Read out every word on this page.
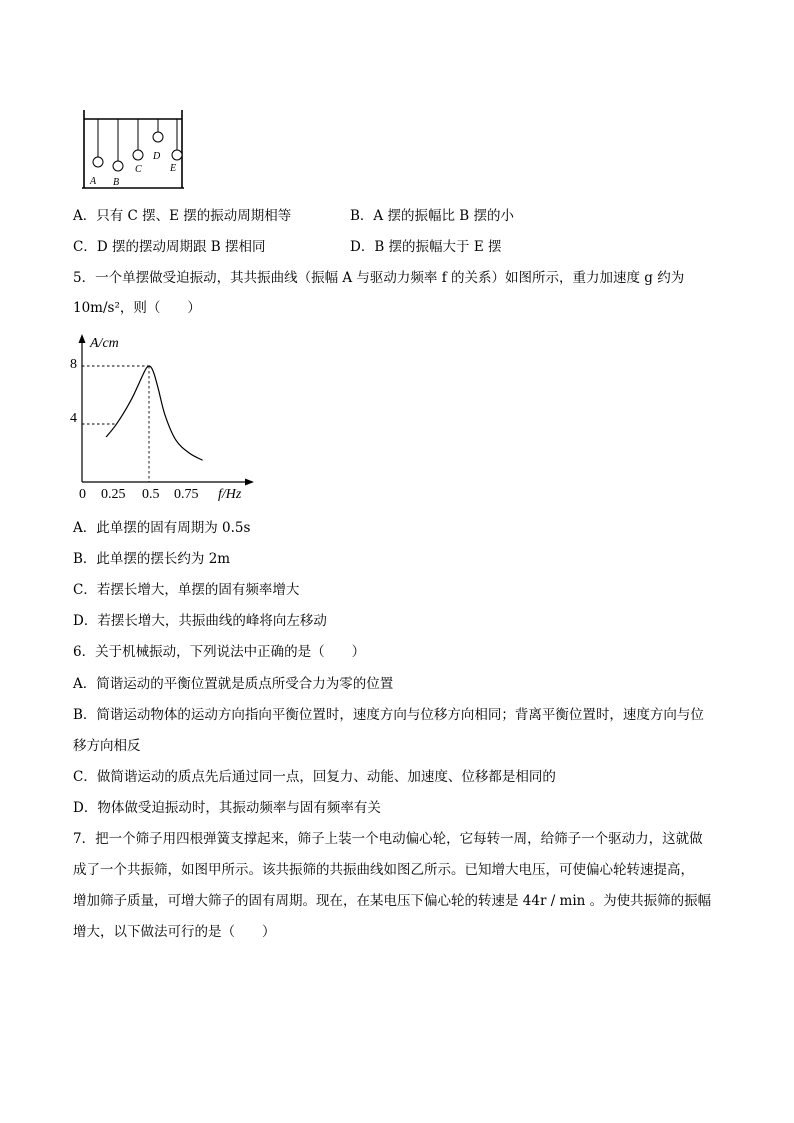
A B
C
D
E
A．只有 C 摆、E 摆的振动周期相等	B．A 摆的振幅比 B 摆的小
C．D 摆的摆动周期跟 B 摆相同	D．B 摆的振幅大于 E 摆
5．一个单摆做受迫振动，其共振曲线（振幅 A 与驱动力频率 f 的关系）如图所示，重力加速度 g 约为
10m/s²，则（　　）
A/cm
f/Hz
8
4
0 0.25 0.5 0.75
A．此单摆的固有周期为 0.5s
B．此单摆的摆长约为 2m
C．若摆长增大，单摆的固有频率增大
D．若摆长增大，共振曲线的峰将向左移动
6．关于机械振动，下列说法中正确的是（　　）
A．简谐运动的平衡位置就是质点所受合力为零的位置
B．简谐运动物体的运动方向指向平衡位置时，速度方向与位移方向相同；背离平衡位置时，速度方向与位
移方向相反
C．做简谐运动的质点先后通过同一点，回复力、动能、加速度、位移都是相同的
D．物体做受迫振动时，其振动频率与固有频率有关
7．把一个筛子用四根弹簧支撑起来，筛子上装一个电动偏心轮，它每转一周，给筛子一个驱动力，这就做
成了一个共振筛，如图甲所示。该共振筛的共振曲线如图乙所示。已知增大电压，可使偏心轮转速提高，
增加筛子质量，可增大筛子的固有周期。现在，在某电压下偏心轮的转速是 44r / min 。为使共振筛的振幅
增大，以下做法可行的是（　　）
